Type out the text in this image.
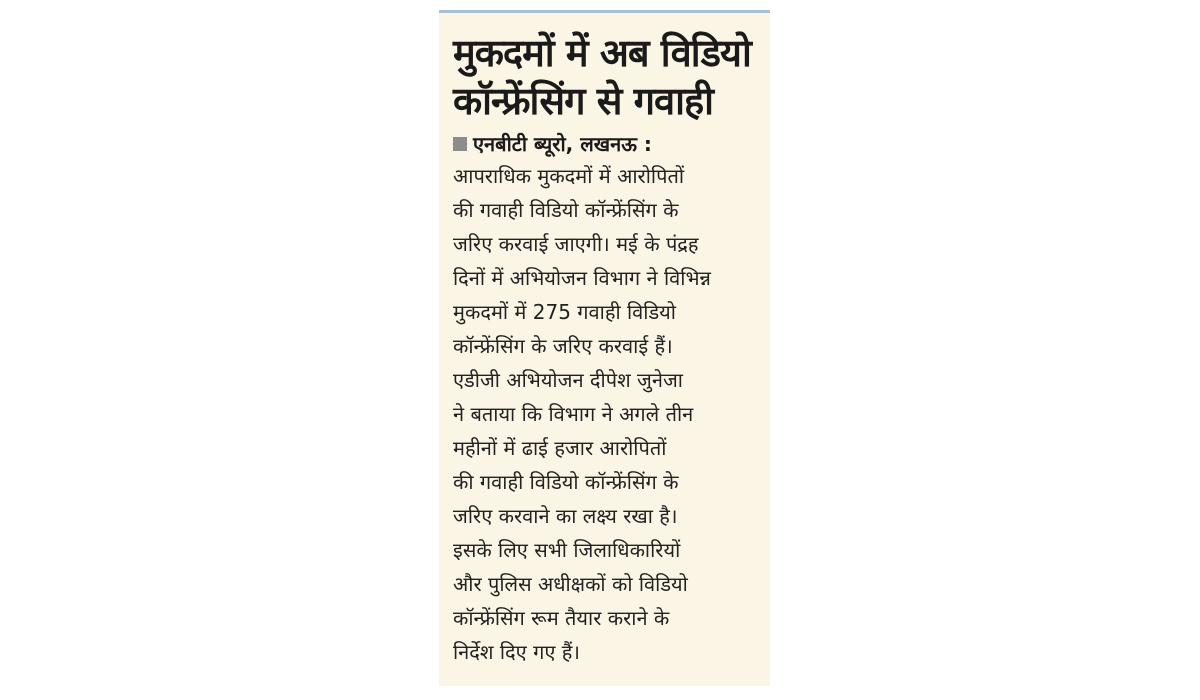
मुकदमों में अब विडियो
कॉन्फ्रेंसिंग से गवाही
एनबीटी ब्यूरो, लखनऊ :
आपराधिक मुकदमों में आरोपितों
की गवाही विडियो कॉन्फ्रेंसिंग के
जरिए करवाई जाएगी। मई के पंद्रह
दिनों में अभियोजन विभाग ने विभिन्न
मुकदमों में 275 गवाही विडियो
कॉन्फ्रेंसिंग के जरिए करवाई हैं।
एडीजी अभियोजन दीपेश जुनेजा
ने बताया कि विभाग ने अगले तीन
महीनों में ढाई हजार आरोपितों
की गवाही विडियो कॉन्फ्रेंसिंग के
जरिए करवाने का लक्ष्य रखा है।
इसके लिए सभी जिलाधिकारियों
और पुलिस अधीक्षकों को विडियो
कॉन्फ्रेंसिंग रूम तैयार कराने के
निर्देश दिए गए हैं।
